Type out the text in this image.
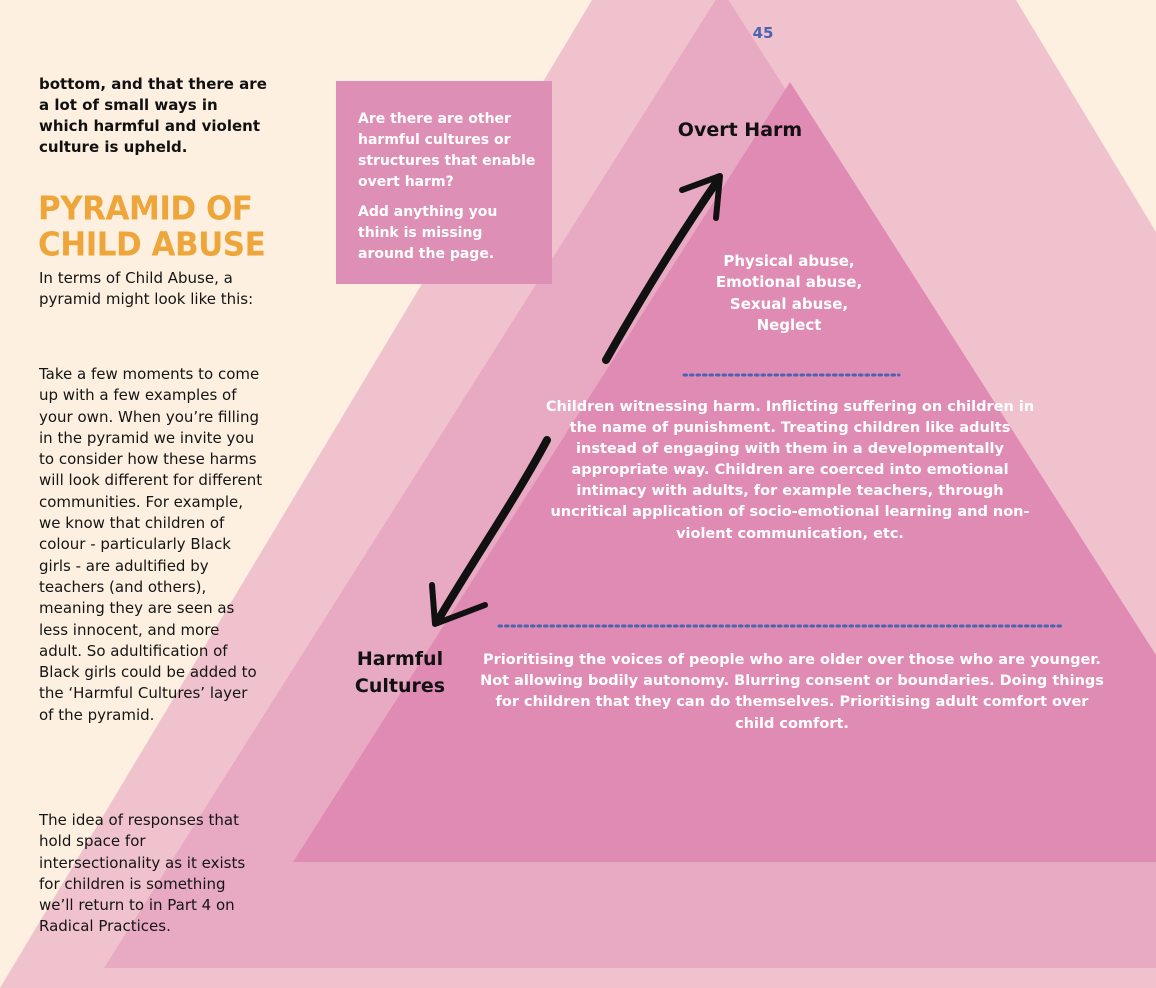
45
bottom, and that there are a lot of small ways in which harmful and violent culture is upheld.
PYRAMID OF
CHILD ABUSE
In terms of Child Abuse, a pyramid might look like this:
Take a few moments to come up with a few examples of your own. When you’re filling in the pyramid we invite you to consider how these harms will look different for different communities. For example, we know that children of colour - particularly Black girls - are adultified by teachers (and others), meaning they are seen as less innocent, and more adult. So adultification of Black girls could be added to the ‘Harmful Cultures’ layer of the pyramid.
The idea of responses that hold space for intersectionality as it exists for children is something we’ll return to in Part 4 on Radical Practices.

Are there are other harmful cultures or structures that enable overt harm?

Add anything you think is missing around the page.

Overt Harm
Harmful Cultures
Physical abuse, Emotional abuse, Sexual abuse, Neglect
Children witnessing harm. Inflicting suffering on children in the name of punishment. Treating children like adults instead of engaging with them in a developmentally appropriate way. Children are coerced into emotional intimacy with adults, for example teachers, through uncritical application of socio-emotional learning and non-violent communication, etc.
Prioritising the voices of people who are older over those who are younger. Not allowing bodily autonomy. Blurring consent or boundaries. Doing things for children that they can do themselves. Prioritising adult comfort over child comfort.
